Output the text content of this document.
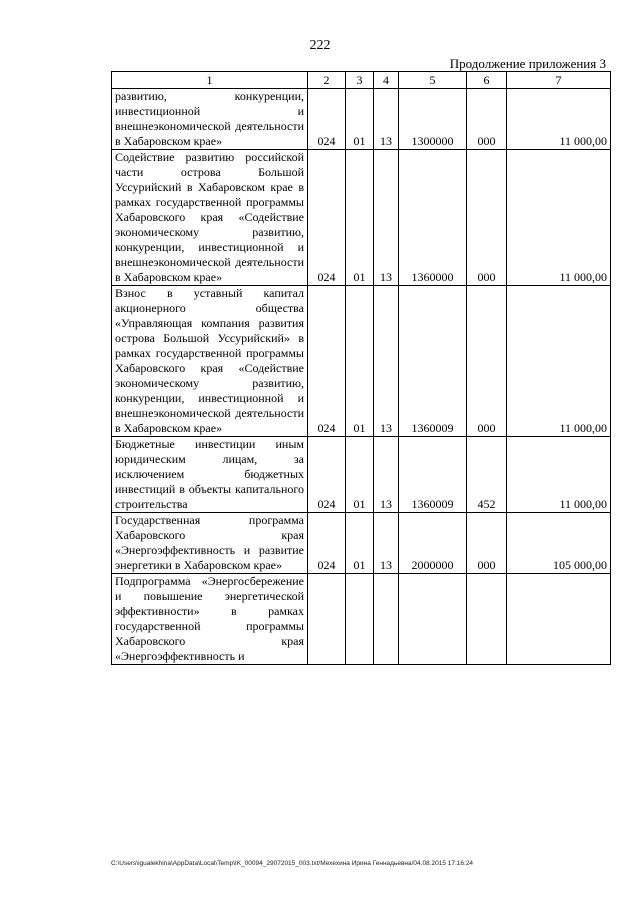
222
Продолжение приложения 3
1	2	3	4	5	6	7
развитию, конкуренции, инвестиционной и внешнеэкономической деятельности в Хабаровском крае»	024	01	13	1300000	000	11 000,00
Содействие развитию российской части острова Большой Уссурийский в Хабаровском крае в рамках государственной программы Хабаровского края «Содействие экономическому развитию, конкуренции, инвестиционной и внешнеэкономической деятельности в Хабаровском крае»	024	01	13	1360000	000	11 000,00
Взнос в уставный капитал акционерного общества «Управляющая компания развития острова Большой Уссурийский» в рамках государственной программы Хабаровского края «Содействие экономическому развитию, конкуренции, инвестиционной и внешнеэкономической деятельности в Хабаровском крае»	024	01	13	1360009	000	11 000,00
Бюджетные инвестиции иным юридическим лицам, за исключением бюджетных инвестиций в объекты капитального строительства	024	01	13	1360009	452	11 000,00
Государственная программа Хабаровского края «Энергоэффективность и развитие энергетики в Хабаровском крае»	024	01	13	2000000	000	105 000,00
Подпрограмма «Энергосбережение и повышение энергетической эффективности» в рамках государственной программы Хабаровского края «Энергоэффективность и						
C:\Users\igualekhina\AppData\Local\Temp\IK_00094_29072015_003.txt/Мехехина Ирина Геннадьевна/04.08.2015 17:16:24
